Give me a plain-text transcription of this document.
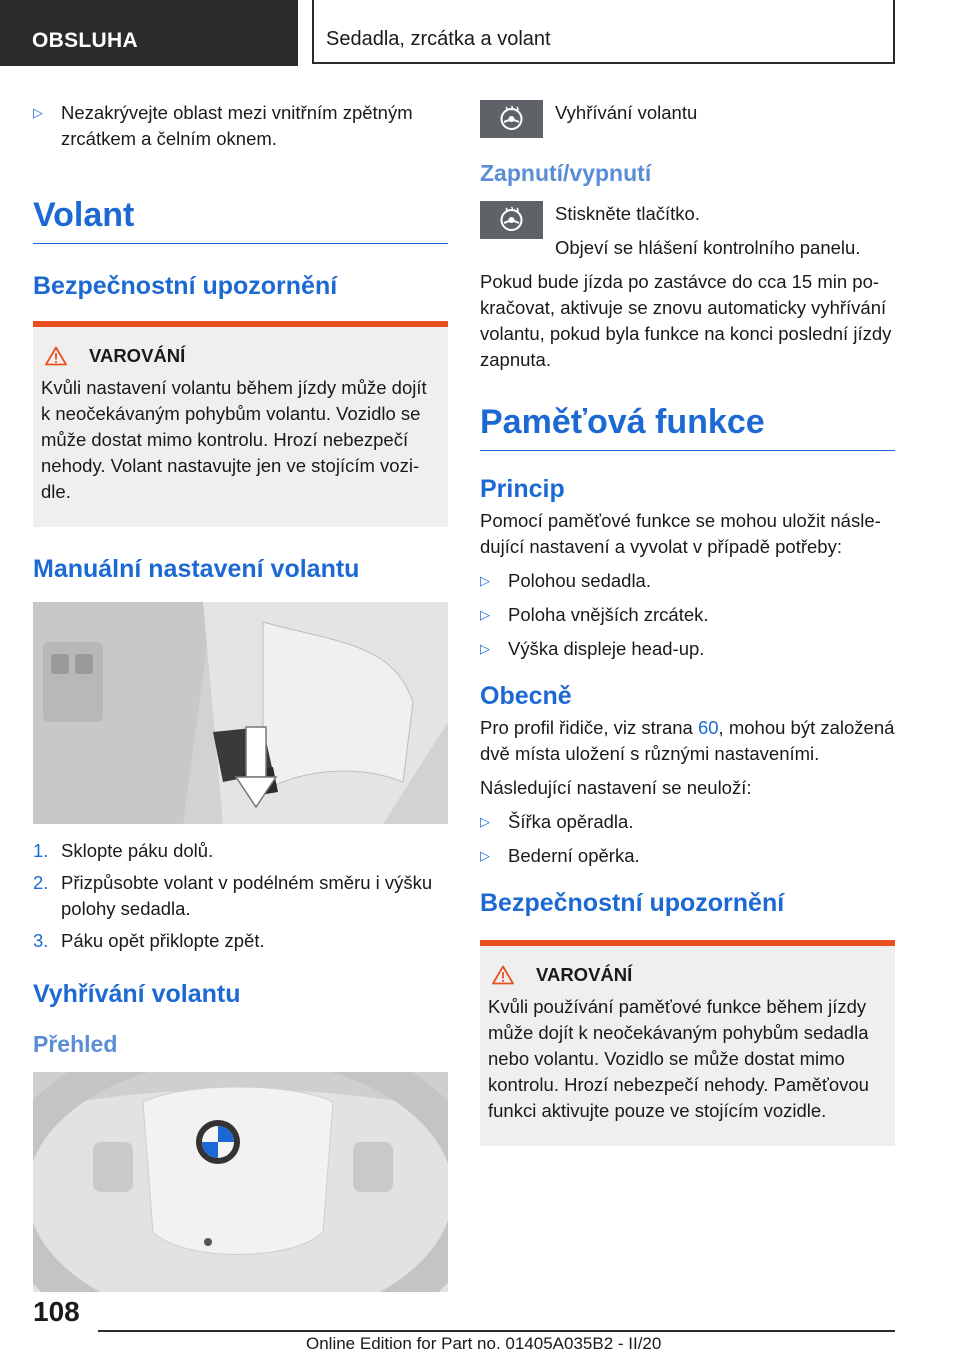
OBSLUHA	Sedadla, zrcátka a volant
▷ Nezakrývejte oblast mezi vnitřním zpětným zrcátkem a čelním oknem.
Volant
Bezpečnostní upozornění
VAROVÁNÍ
Kvůli nastavení volantu během jízdy může dojít k neočekávaným pohybům volantu. Vozidlo se může dostat mimo kontrolu. Hrozí nebezpečí nehody. Volant nastavujte jen ve stojícím vozidle.
Manuální nastavení volantu
1. Sklopte páku dolů.
2. Přizpůsobte volant v podélném směru i výšku polohy sedadla.
3. Páku opět přiklopte zpět.
Vyhřívání volantu
Přehled
Vyhřívání volantu
Zapnutí/vypnutí
Stiskněte tlačítko.
Objeví se hlášení kontrolního panelu.
Pokud bude jízda po zastávce do cca 15 min pokračovat, aktivuje se znovu automaticky vyhřívání volantu, pokud byla funkce na konci poslední jízdy zapnuta.
Paměťová funkce
Princip
Pomocí paměťové funkce se mohou uložit následující nastavení a vyvolat v případě potřeby:
▷ Polohou sedadla.
▷ Poloha vnějších zrcátek.
▷ Výška displeje head-up.
Obecně
Pro profil řidiče, viz strana 60, mohou být založená dvě místa uložení s různými nastaveními.
Následující nastavení se neuloží:
▷ Šířka opěradla.
▷ Bederní opěrka.
Bezpečnostní upozornění
VAROVÁNÍ
Kvůli používání paměťové funkce během jízdy může dojít k neočekávaným pohybům sedadla nebo volantu. Vozidlo se může dostat mimo kontrolu. Hrozí nebezpečí nehody. Paměťovou funkci aktivujte pouze ve stojícím vozidle.
108
Online Edition for Part no. 01405A035B2 - II/20
